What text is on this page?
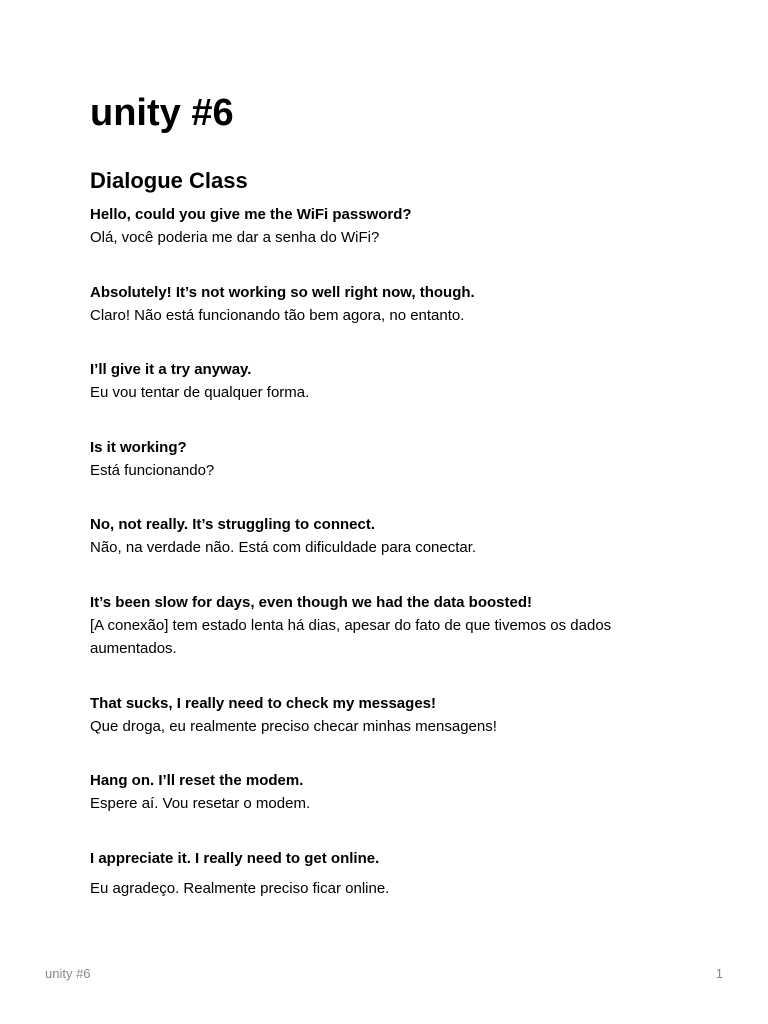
unity #6
Dialogue Class
Hello, could you give me the WiFi password?
Olá, você poderia me dar a senha do WiFi?
Absolutely! It’s not working so well right now, though.
Claro! Não está funcionando tão bem agora, no entanto.
I’ll give it a try anyway.
Eu vou tentar de qualquer forma.
Is it working?
Está funcionando?
No, not really. It’s struggling to connect.
Não, na verdade não. Está com dificuldade para conectar.
It’s been slow for days, even though we had the data boosted!
[A conexão] tem estado lenta há dias, apesar do fato de que tivemos os dados aumentados.
That sucks, I really need to check my messages!
Que droga, eu realmente preciso checar minhas mensagens!
Hang on. I’ll reset the modem.
Espere aí. Vou resetar o modem.
I appreciate it. I really need to get online.
Eu agradeço. Realmente preciso ficar online.
unity #6	1
